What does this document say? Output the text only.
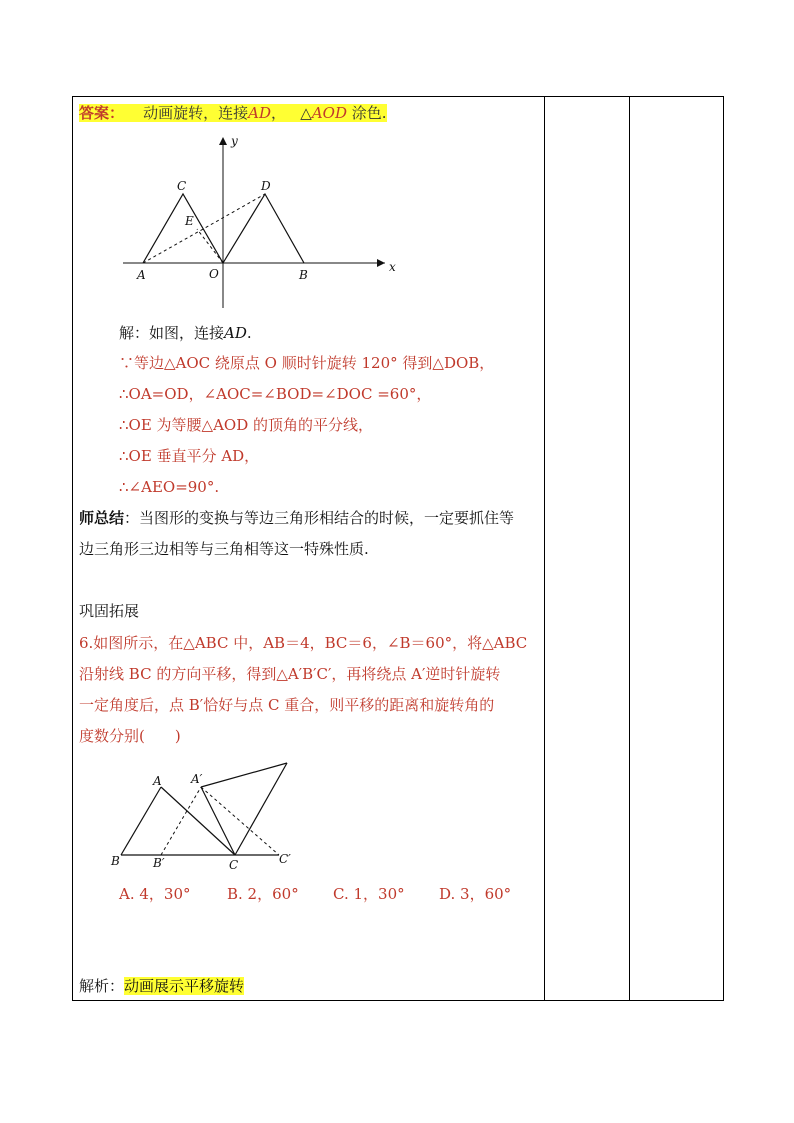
答案： 动画旋转，连接AD， △AOD 涂色.
y
x
C	D
E
A	O	B
解：如图，连接AD.
∵等边△AOC 绕原点 O 顺时针旋转 120° 得到△DOB，
∴OA=OD，∠AOC=∠BOD=∠DOC =60°，
∴OE 为等腰△AOD 的顶角的平分线，
∴OE 垂直平分 AD，
∴∠AEO=90°.
师总结：当图形的变换与等边三角形相结合的时候，一定要抓住等
边三角形三边相等与三角相等这一特殊性质.
巩固拓展
6.如图所示，在△ABC 中，AB＝4，BC＝6，∠B＝60°，将△ABC
沿射线 BC 的方向平移，得到△A′B′C′，再将绕点 A′逆时针旋转
一定角度后，点 B′恰好与点 C 重合，则平移的距离和旋转角的
度数分别(　　)
A A′
B	B′	C	C′
A. 4，30° B. 2，60° C. 1，30° D. 3，60°
解析：动画展示平移旋转
